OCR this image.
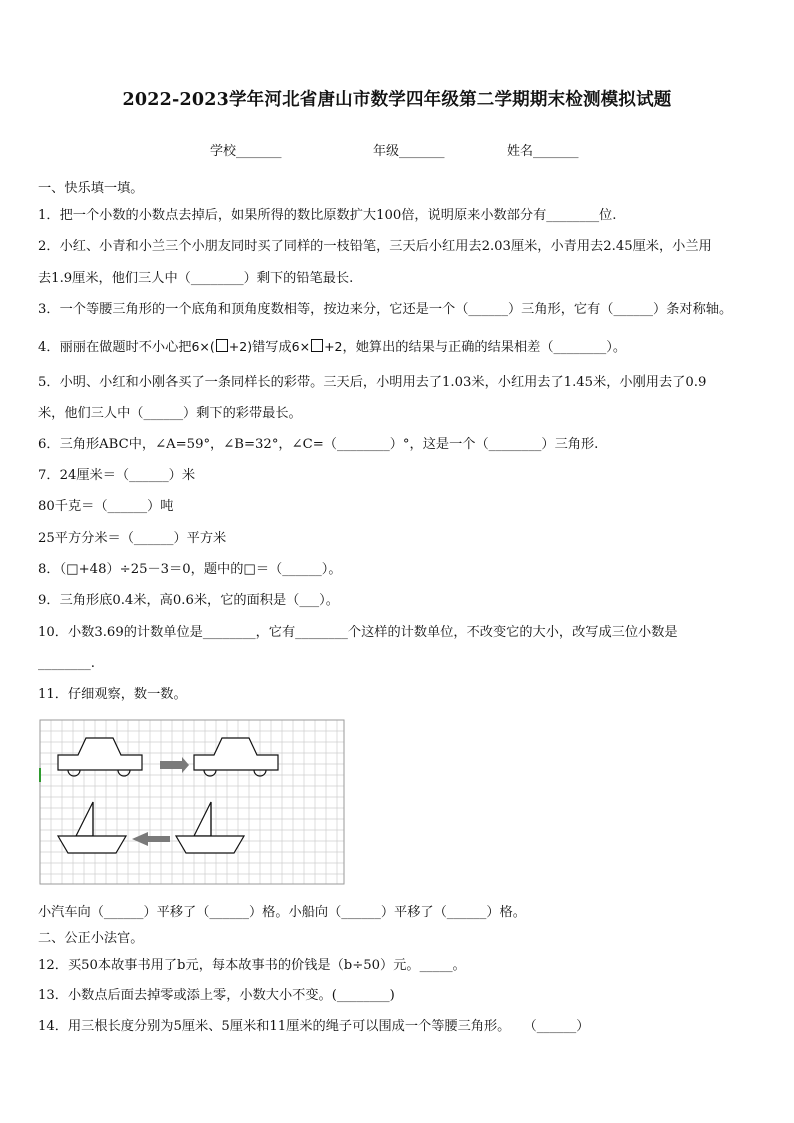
2022-2023学年河北省唐山市数学四年级第二学期期末检测模拟试题
学校_______	年级_______	姓名_______
一、快乐填一填。
1．把一个小数的小数点去掉后，如果所得的数比原数扩大100倍，说明原来小数部分有________位.
2．小红、小青和小兰三个小朋友同时买了同样的一枝铅笔，三天后小红用去2.03厘米，小青用去2.45厘米，小兰用
去1.9厘米，他们三人中（________）剩下的铅笔最长.
3．一个等腰三角形的一个底角和顶角度数相等，按边来分，它还是一个（______）三角形，它有（______）条对称轴。
4．丽丽在做题时不小心把6×( +2)错写成6× +2，她算出的结果与正确的结果相差（________）。
5．小明、小红和小刚各买了一条同样长的彩带。三天后，小明用去了1.03米，小红用去了1.45米，小刚用去了0.9
米，他们三人中（______）剩下的彩带最长。
6．三角形ABC中，∠A=59°，∠B=32°，∠C=（________）°，这是一个（________）三角形.
7．24厘米＝（______）米
80千克＝（______）吨
25平方分米＝（______）平方米
8．（□+48）÷25－3＝0，题中的□＝（______）。
9．三角形底0.4米，高0.6米，它的面积是（___）。
10．小数3.69的计数单位是________，它有________个这样的计数单位，不改变它的大小，改写成三位小数是
________.
11．仔细观察，数一数。
小汽车向（______）平移了（______）格。小船向（______）平移了（______）格。
二、公正小法官。
12．买50本故事书用了b元，每本故事书的价钱是（b÷50）元。_____。
13．小数点后面去掉零或添上零，小数大小不变。(________)
14．用三根长度分别为5厘米、5厘米和11厘米的绳子可以围成一个等腰三角形。　　（______）
